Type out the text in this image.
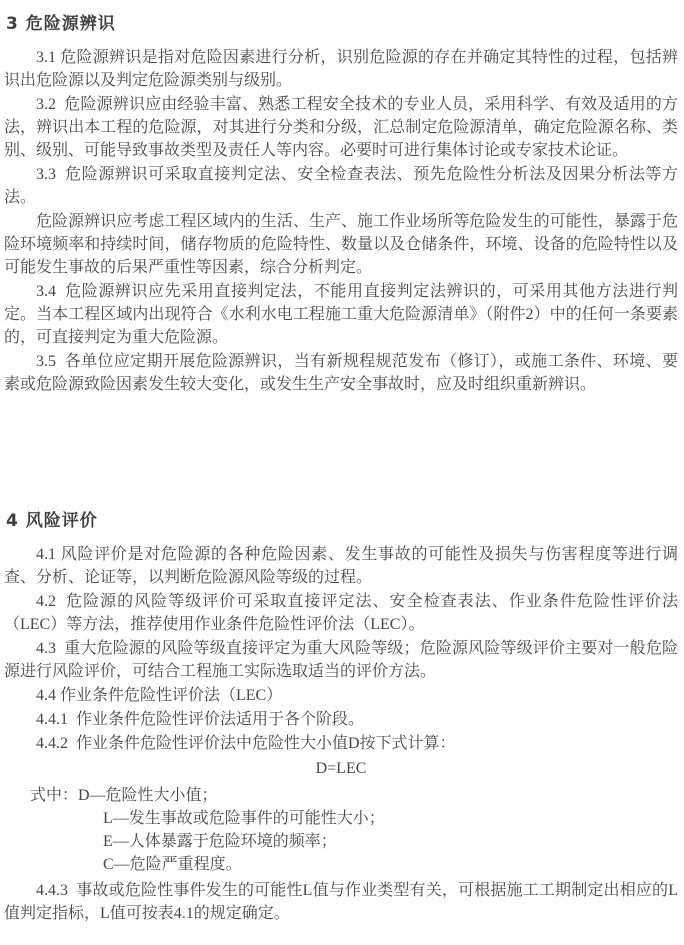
3 危险源辨识

3.1 危险源辨识是指对危险因素进行分析，识别危险源的存在并确定其特性的过程，包括辨识出危险源以及判定危险源类别与级别。

3.2  危险源辨识应由经验丰富、熟悉工程安全技术的专业人员，采用科学、有效及适用的方法，辨识出本工程的危险源，对其进行分类和分级，汇总制定危险源清单，确定危险源名称、类别、级别、可能导致事故类型及责任人等内容。必要时可进行集体讨论或专家技术论证。

3.3  危险源辨识可采取直接判定法、安全检查表法、预先危险性分析法及因果分析法等方法。

危险源辨识应考虑工程区域内的生活、生产、施工作业场所等危险发生的可能性，暴露于危险环境频率和持续时间，储存物质的危险特性、数量以及仓储条件，环境、设备的危险特性以及可能发生事故的后果严重性等因素，综合分析判定。

3.4  危险源辨识应先采用直接判定法，不能用直接判定法辨识的，可采用其他方法进行判定。当本工程区域内出现符合《水利水电工程施工重大危险源清单》（附件2）中的任何一条要素的，可直接判定为重大危险源。

3.5  各单位应定期开展危险源辨识，当有新规程规范发布（修订），或施工条件、环境、要素或危险源致险因素发生较大变化，或发生生产安全事故时，应及时组织重新辨识。

4 风险评价

4.1 风险评价是对危险源的各种危险因素、发生事故的可能性及损失与伤害程度等进行调查、分析、论证等，以判断危险源风险等级的过程。

4.2  危险源的风险等级评价可采取直接评定法、安全检查表法、作业条件危险性评价法（LEC）等方法，推荐使用作业条件危险性评价法（LEC）。

4.3  重大危险源的风险等级直接评定为重大风险等级；危险源风险等级评价主要对一般危险源进行风险评价，可结合工程施工实际选取适当的评价方法。

4.4 作业条件危险性评价法（LEC）

4.4.1  作业条件危险性评价法适用于各个阶段。

4.4.2  作业条件危险性评价法中危险性大小值D按下式计算：

D=LEC

式中：D—危险性大小值；

L—发生事故或危险事件的可能性大小；

E—人体暴露于危险环境的频率；

C—危险严重程度。

4.4.3  事故或危险性事件发生的可能性L值与作业类型有关，可根据施工工期制定出相应的L值判定指标，L值可按表4.1的规定确定。
